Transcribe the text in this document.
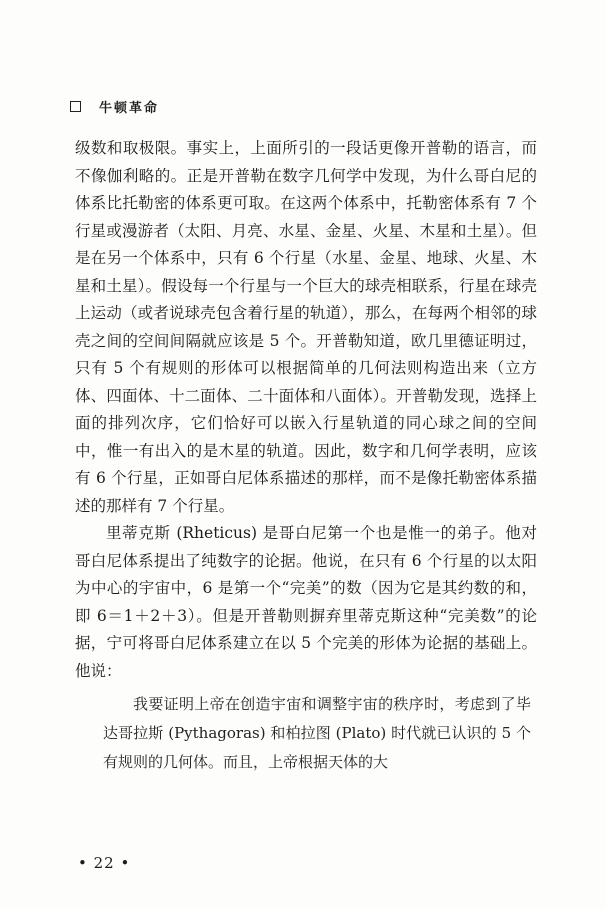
牛顿革命

级数和取极限。事实上，上面所引的一段话更像开普勒的语言，而不像伽利略的。正是开普勒在数字几何学中发现，为什么哥白尼的体系比托勒密的体系更可取。在这两个体系中，托勒密体系有 7 个行星或漫游者（太阳、月亮、水星、金星、火星、木星和土星）。但是在另一个体系中，只有 6 个行星（水星、金星、地球、火星、木星和土星）。假设每一个行星与一个巨大的球壳相联系，行星在球壳上运动（或者说球壳包含着行星的轨道），那么，在每两个相邻的球壳之间的空间间隔就应该是 5 个。开普勒知道，欧几里德证明过，只有 5 个有规则的形体可以根据简单的几何法则构造出来（立方体、四面体、十二面体、二十面体和八面体）。开普勒发现，选择上面的排列次序，它们恰好可以嵌入行星轨道的同心球之间的空间中，惟一有出入的是木星的轨道。因此，数字和几何学表明，应该有 6 个行星，正如哥白尼体系描述的那样，而不是像托勒密体系描述的那样有 7 个行星。

里蒂克斯 (Rheticus) 是哥白尼第一个也是惟一的弟子。他对哥白尼体系提出了纯数字的论据。他说，在只有 6 个行星的以太阳为中心的宇宙中，6 是第一个“完美”的数（因为它是其约数的和，即 6＝1＋2＋3）。但是开普勒则摒弃里蒂克斯这种“完美数”的论据，宁可将哥白尼体系建立在以 5 个完美的形体为论据的基础上。他说：

我要证明上帝在创造宇宙和调整宇宙的秩序时，考虑到了毕达哥拉斯 (Pythagoras) 和柏拉图 (Plato) 时代就已认识的 5 个有规则的几何体。而且，上帝根据天体的大
• 22 •
